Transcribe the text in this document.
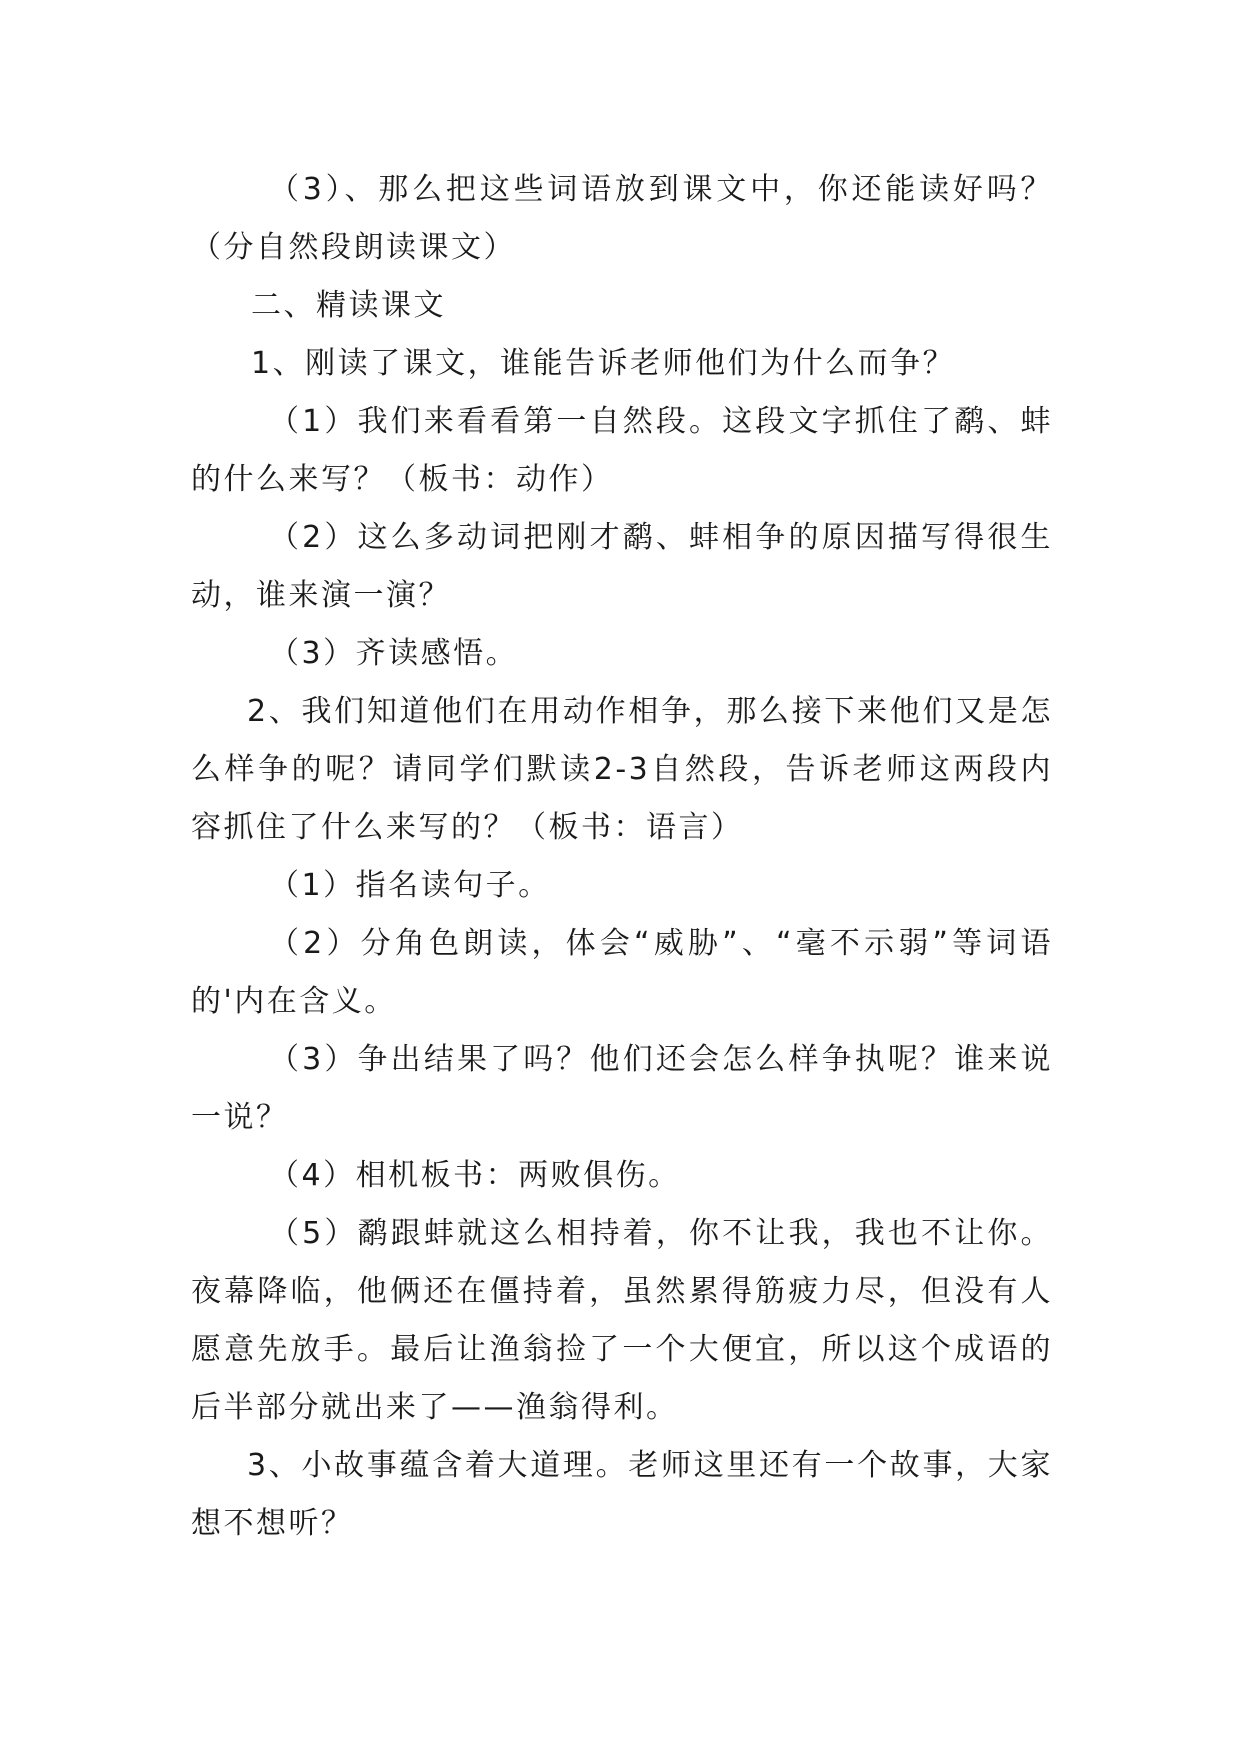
（3）、那么把这些词语放到课文中，你还能读好吗？（分自然段朗读课文）

二、精读课文

1、刚读了课文，谁能告诉老师他们为什么而争？

（1）我们来看看第一自然段。这段文字抓住了鹬、蚌的什么来写？（板书：动作）

（2）这么多动词把刚才鹬、蚌相争的原因描写得很生动，谁来演一演？

（3）齐读感悟。

2、我们知道他们在用动作相争，那么接下来他们又是怎么样争的呢？请同学们默读2-3自然段，告诉老师这两段内容抓住了什么来写的？（板书：语言）

（1）指名读句子。

（2）分角色朗读，体会“威胁”、“毫不示弱”等词语的'内在含义。

（3）争出结果了吗？他们还会怎么样争执呢？谁来说一说？

（4）相机板书：两败俱伤。

（5）鹬跟蚌就这么相持着，你不让我，我也不让你。夜幕降临，他俩还在僵持着，虽然累得筋疲力尽，但没有人愿意先放手。最后让渔翁捡了一个大便宜，所以这个成语的后半部分就出来了——渔翁得利。

3、小故事蕴含着大道理。老师这里还有一个故事，大家想不想听？
